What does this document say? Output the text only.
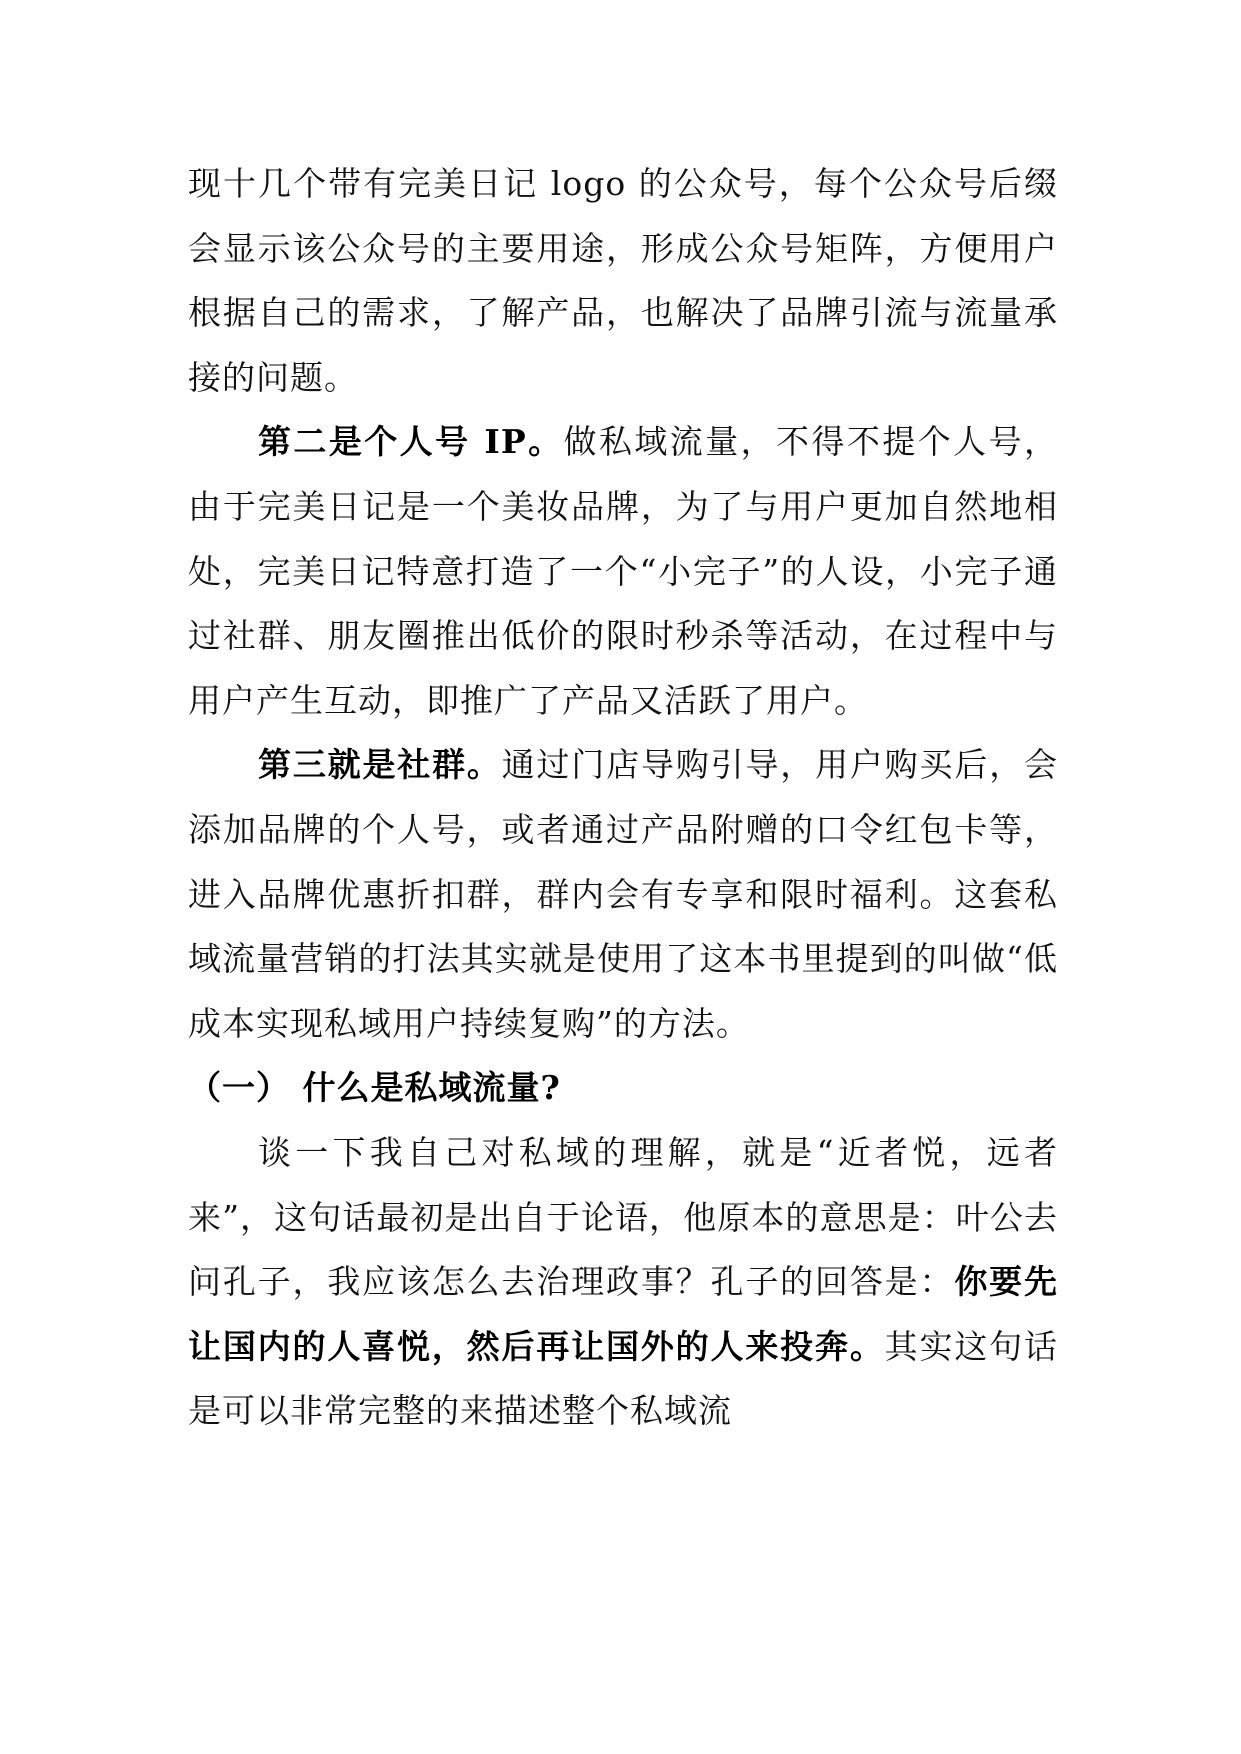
现十几个带有完美日记 logo 的公众号，每个公众号后缀会显示该公众号的主要用途，形成公众号矩阵，方便用户根据自己的需求，了解产品，也解决了品牌引流与流量承接的问题。

第二是个人号 IP。做私域流量，不得不提个人号，由于完美日记是一个美妆品牌，为了与用户更加自然地相处，完美日记特意打造了一个“小完子”的人设，小完子通过社群、朋友圈推出低价的限时秒杀等活动，在过程中与用户产生互动，即推广了产品又活跃了用户。

第三就是社群。通过门店导购引导，用户购买后，会添加品牌的个人号，或者通过产品附赠的口令红包卡等，进入品牌优惠折扣群，群内会有专享和限时福利。这套私域流量营销的打法其实就是使用了这本书里提到的叫做“低成本实现私域用户持续复购”的方法。

（一） 什么是私域流量?

谈一下我自己对私域的理解，就是“近者悦，远者来”，这句话最初是出自于论语，他原本的意思是：叶公去问孔子，我应该怎么去治理政事？孔子的回答是：你要先让国内的人喜悦，然后再让国外的人来投奔。其实这句话是可以非常完整的来描述整个私域流
